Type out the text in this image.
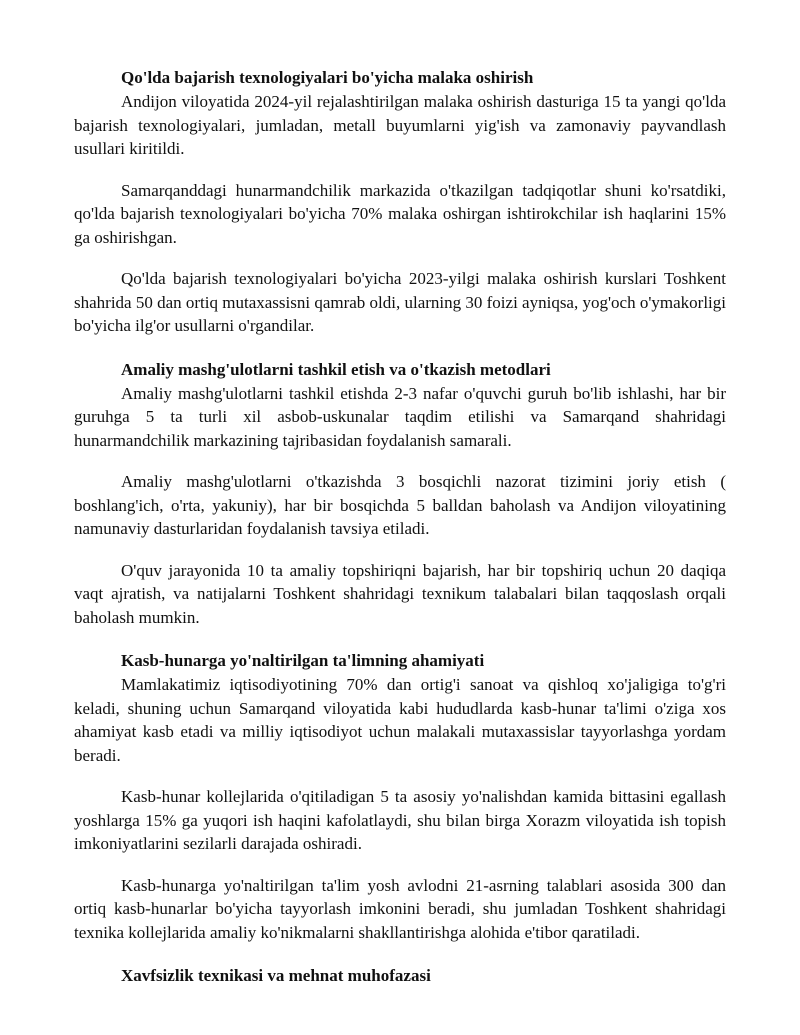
Qo'lda bajarish texnologiyalari bo'yicha malaka oshirish

Andijon viloyatida 2024-yil rejalashtirilgan malaka oshirish dasturiga 15 ta yangi qo'lda bajarish texnologiyalari, jumladan, metall buyumlarni yig'ish va zamonaviy payvandlash usullari kiritildi.

Samarqanddagi hunarmandchilik markazida o'tkazilgan tadqiqotlar shuni ko'rsatdiki, qo'lda bajarish texnologiyalari bo'yicha 70% malaka oshirgan ishtirokchilar ish haqlarini 15% ga oshirishgan.

Qo'lda bajarish texnologiyalari bo'yicha 2023-yilgi malaka oshirish kurslari Toshkent shahrida 50 dan ortiq mutaxassisni qamrab oldi, ularning 30 foizi ayniqsa, yog'och o'ymakorligi bo'yicha ilg'or usullarni o'rgandilar.

Amaliy mashg'ulotlarni tashkil etish va o'tkazish metodlari

Amaliy mashg'ulotlarni tashkil etishda 2-3 nafar o'quvchi guruh bo'lib ishlashi, har bir guruhga 5 ta turli xil asbob-uskunalar taqdim etilishi va Samarqand shahridagi hunarmandchilik markazining tajribasidan foydalanish samarali.

Amaliy mashg'ulotlarni o'tkazishda 3 bosqichli nazorat tizimini joriy etish ( boshlang'ich, o'rta, yakuniy), har bir bosqichda 5 balldan baholash va Andijon viloyatining namunaviy dasturlaridan foydalanish tavsiya etiladi.

O'quv jarayonida 10 ta amaliy topshiriqni bajarish, har bir topshiriq uchun 20 daqiqa vaqt ajratish, va natijalarni Toshkent shahridagi texnikum talabalari bilan taqqoslash orqali baholash mumkin.

Kasb-hunarga yo'naltirilgan ta'limning ahamiyati

Mamlakatimiz iqtisodiyotining 70% dan ortig'i sanoat va qishloq xo'jaligiga to'g'ri keladi, shuning uchun Samarqand viloyatida kabi hududlarda kasb-hunar ta'limi o'ziga xos ahamiyat kasb etadi va milliy iqtisodiyot uchun malakali mutaxassislar tayyorlashga yordam beradi.

Kasb-hunar kollejlarida o'qitiladigan 5 ta asosiy yo'nalishdan kamida bittasini egallash yoshlarga 15% ga yuqori ish haqini kafolatlaydi, shu bilan birga Xorazm viloyatida ish topish imkoniyatlarini sezilarli darajada oshiradi.

Kasb-hunarga yo'naltirilgan ta'lim yosh avlodni 21-asrning talablari asosida 300 dan ortiq kasb-hunarlar bo'yicha tayyorlash imkonini beradi, shu jumladan Toshkent shahridagi texnika kollejlarida amaliy ko'nikmalarni shakllantirishga alohida e'tibor qaratiladi.

Xavfsizlik texnikasi va mehnat muhofazasi
